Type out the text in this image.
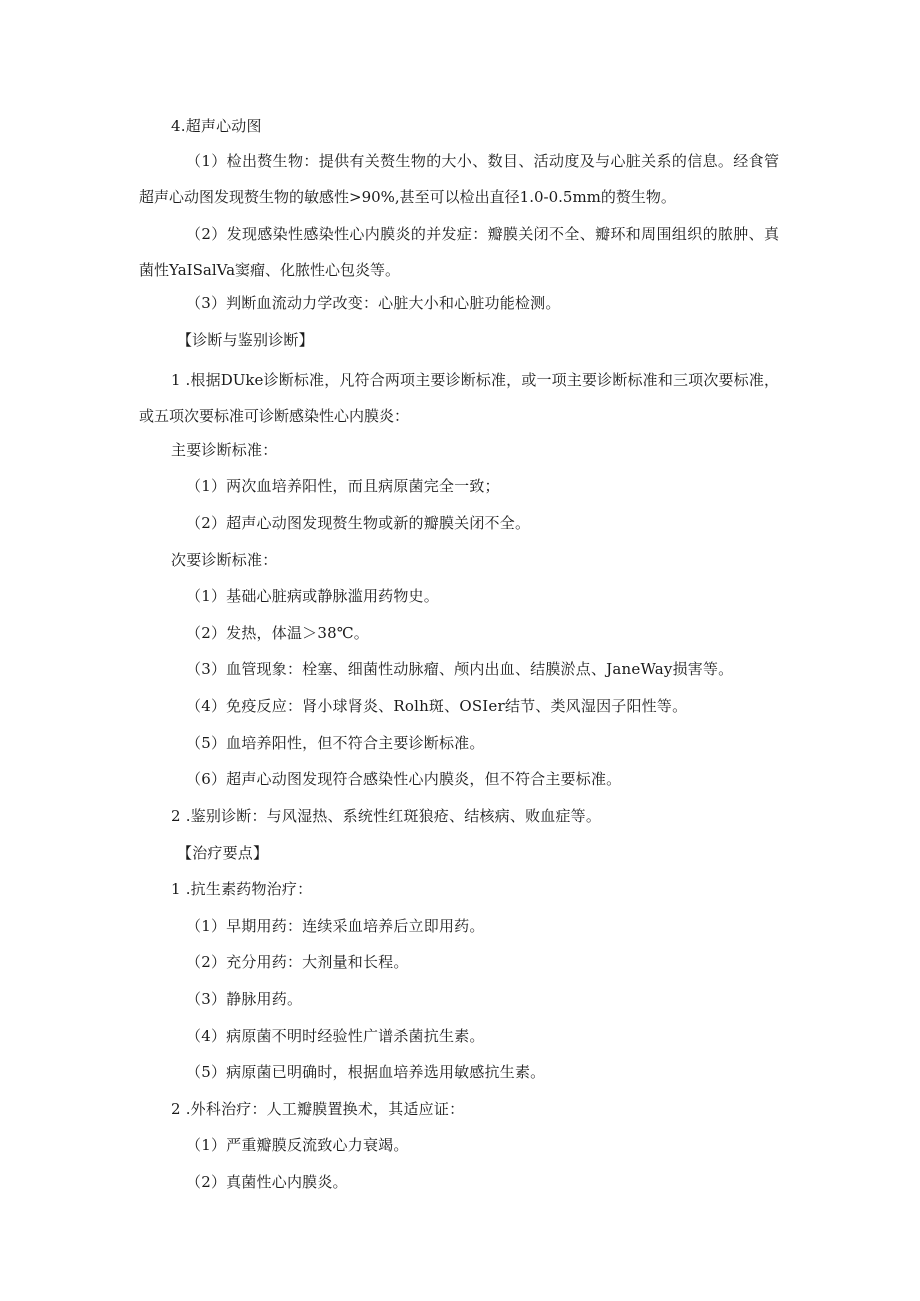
4.超声心动图
（1）检出赘生物：提供有关赘生物的大小、数目、活动度及与心脏关系的信息。经食管超声心动图发现赘生物的敏感性>90%,甚至可以检出直径1.0-0.5mm的赘生物。
（2）发现感染性感染性心内膜炎的并发症：瓣膜关闭不全、瓣环和周围组织的脓肿、真菌性YaISalVa窦瘤、化脓性心包炎等。
（3）判断血流动力学改变：心脏大小和心脏功能检测。
【诊断与鉴别诊断】
1 .根据DUke诊断标准，凡符合两项主要诊断标准，或一项主要诊断标准和三项次要标准，或五项次要标准可诊断感染性心内膜炎：
主要诊断标准：
（1）两次血培养阳性，而且病原菌完全一致；
（2）超声心动图发现赘生物或新的瓣膜关闭不全。
次要诊断标准：
（1）基础心脏病或静脉滥用药物史。
（2）发热，体温＞38℃。
（3）血管现象：栓塞、细菌性动脉瘤、颅内出血、结膜淤点、JaneWay损害等。
（4）免疫反应：肾小球肾炎、Rolh斑、OSIer结节、类风湿因子阳性等。
（5）血培养阳性，但不符合主要诊断标准。
（6）超声心动图发现符合感染性心内膜炎，但不符合主要标准。
2 .鉴别诊断：与风湿热、系统性红斑狼疮、结核病、败血症等。
【治疗要点】
1 .抗生素药物治疗：
（1）早期用药：连续采血培养后立即用药。
（2）充分用药：大剂量和长程。
（3）静脉用药。
（4）病原菌不明时经验性广谱杀菌抗生素。
（5）病原菌已明确时，根据血培养选用敏感抗生素。
2 .外科治疗：人工瓣膜置换术，其适应证：
（1）严重瓣膜反流致心力衰竭。
（2）真菌性心内膜炎。
